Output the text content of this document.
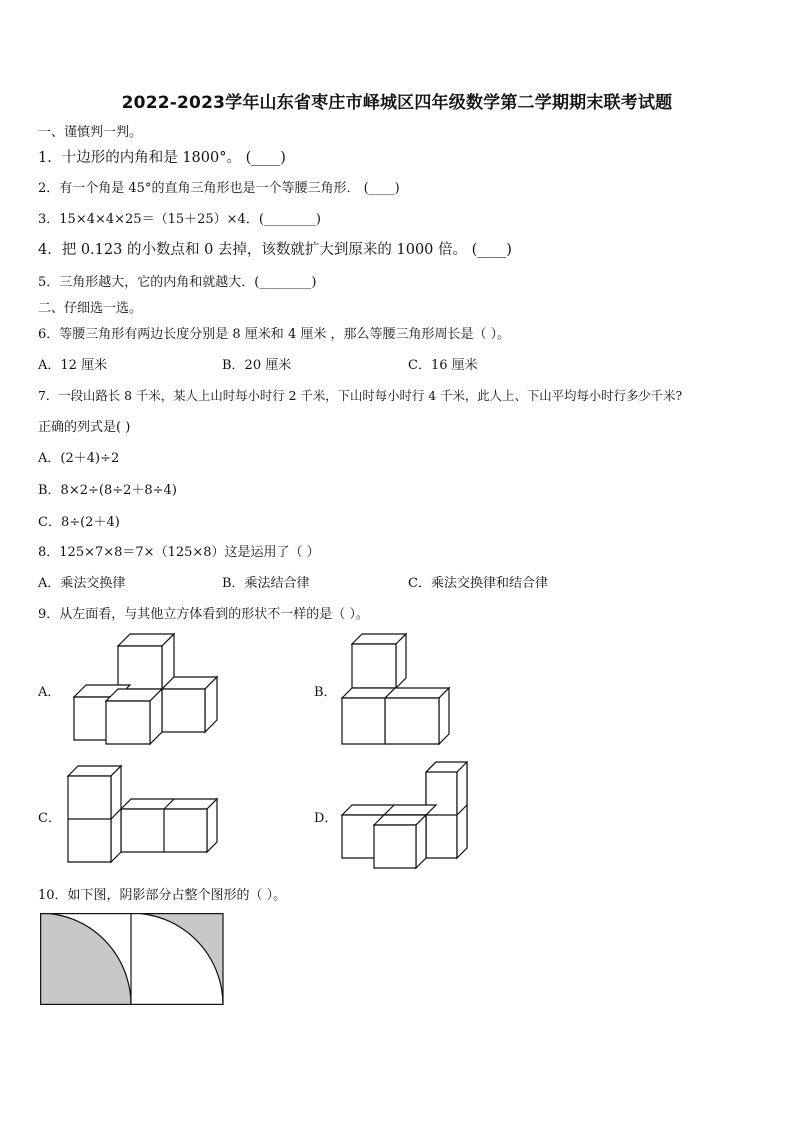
2022-2023学年山东省枣庄市峄城区四年级数学第二学期期末联考试题
一、谨慎判一判。
1．十边形的内角和是 1800°。 (____)
2．有一个角是 45°的直角三角形也是一个等腰三角形． (____)
3．15×4×4×25＝（15＋25）×4．(________)
4．把 0.123 的小数点和 0 去掉，该数就扩大到原来的 1000 倍。 (____)
5．三角形越大，它的内角和就越大．(________)
二、仔细选一选。
6．等腰三角形有两边长度分别是 8 厘米和 4 厘米 ，那么等腰三角形周长是（ ）。
A．12 厘米	B．20 厘米	C．16 厘米
7．一段山路长 8 千米，某人上山时每小时行 2 千米，下山时每小时行 4 千米，此人上、下山平均每小时行多少千米?
正确的列式是( )
A．(2＋4)÷2
B．8×2÷(8÷2＋8÷4)
C．8÷(2＋4)
8．125×7×8＝7×（125×8）这是运用了（ ）
A．乘法交换律	B．乘法结合律	C．乘法交换律和结合律
9．从左面看，与其他立方体看到的形状不一样的是（ ）。
A．	B．
C．	D．
10．如下图，阴影部分占整个图形的（ ）。
